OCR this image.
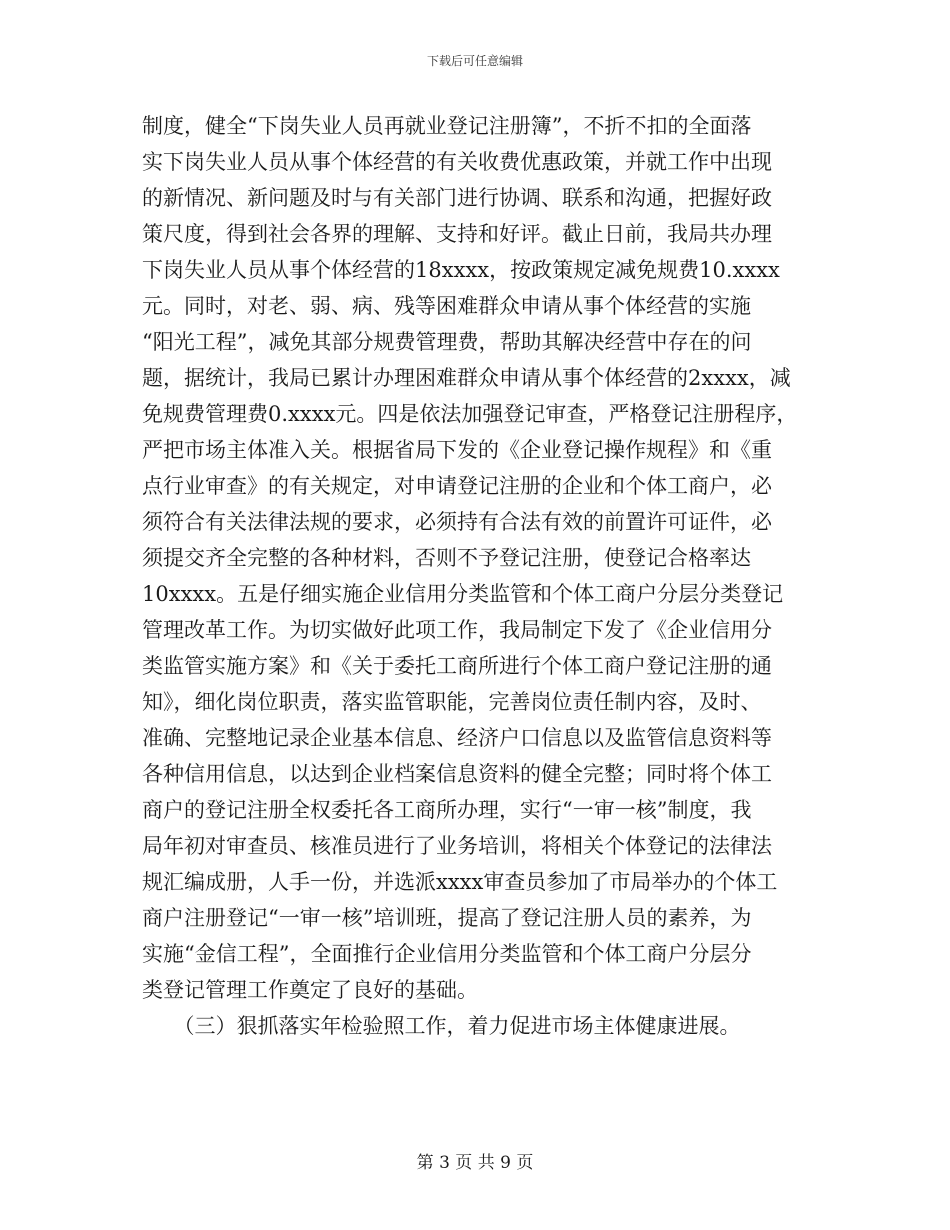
下载后可任意编辑
制度，健全“下岗失业人员再就业登记注册簿”，不折不扣的全面落
实下岗失业人员从事个体经营的有关收费优惠政策，并就工作中出现
的新情况、新问题及时与有关部门进行协调、联系和沟通，把握好政
策尺度，得到社会各界的理解、支持和好评。截止日前，我局共办理
下岗失业人员从事个体经营的18xxxx，按政策规定减免规费10.xxxx
元。同时，对老、弱、病、残等困难群众申请从事个体经营的实施
“阳光工程”，减免其部分规费管理费，帮助其解决经营中存在的问
题，据统计，我局已累计办理困难群众申请从事个体经营的2xxxx，减
免规费管理费0.xxxx元。四是依法加强登记审查，严格登记注册程序，
严把市场主体准入关。根据省局下发的《企业登记操作规程》和《重
点行业审查》的有关规定，对申请登记注册的企业和个体工商户，必
须符合有关法律法规的要求，必须持有合法有效的前置许可证件，必
须提交齐全完整的各种材料，否则不予登记注册，使登记合格率达
10xxxx。五是仔细实施企业信用分类监管和个体工商户分层分类登记
管理改革工作。为切实做好此项工作，我局制定下发了《企业信用分
类监管实施方案》和《关于委托工商所进行个体工商户登记注册的通
知》，细化岗位职责，落实监管职能，完善岗位责任制内容，及时、
准确、完整地记录企业基本信息、经济户口信息以及监管信息资料等
各种信用信息，以达到企业档案信息资料的健全完整；同时将个体工
商户的登记注册全权委托各工商所办理，实行“一审一核”制度，我
局年初对审查员、核准员进行了业务培训，将相关个体登记的法律法
规汇编成册，人手一份，并选派xxxx审查员参加了市局举办的个体工
商户注册登记“一审一核”培训班，提高了登记注册人员的素养，为
实施“金信工程”，全面推行企业信用分类监管和个体工商户分层分
类登记管理工作奠定了良好的基础。
　　（三）狠抓落实年检验照工作，着力促进市场主体健康进展。
第 3 页 共 9 页
